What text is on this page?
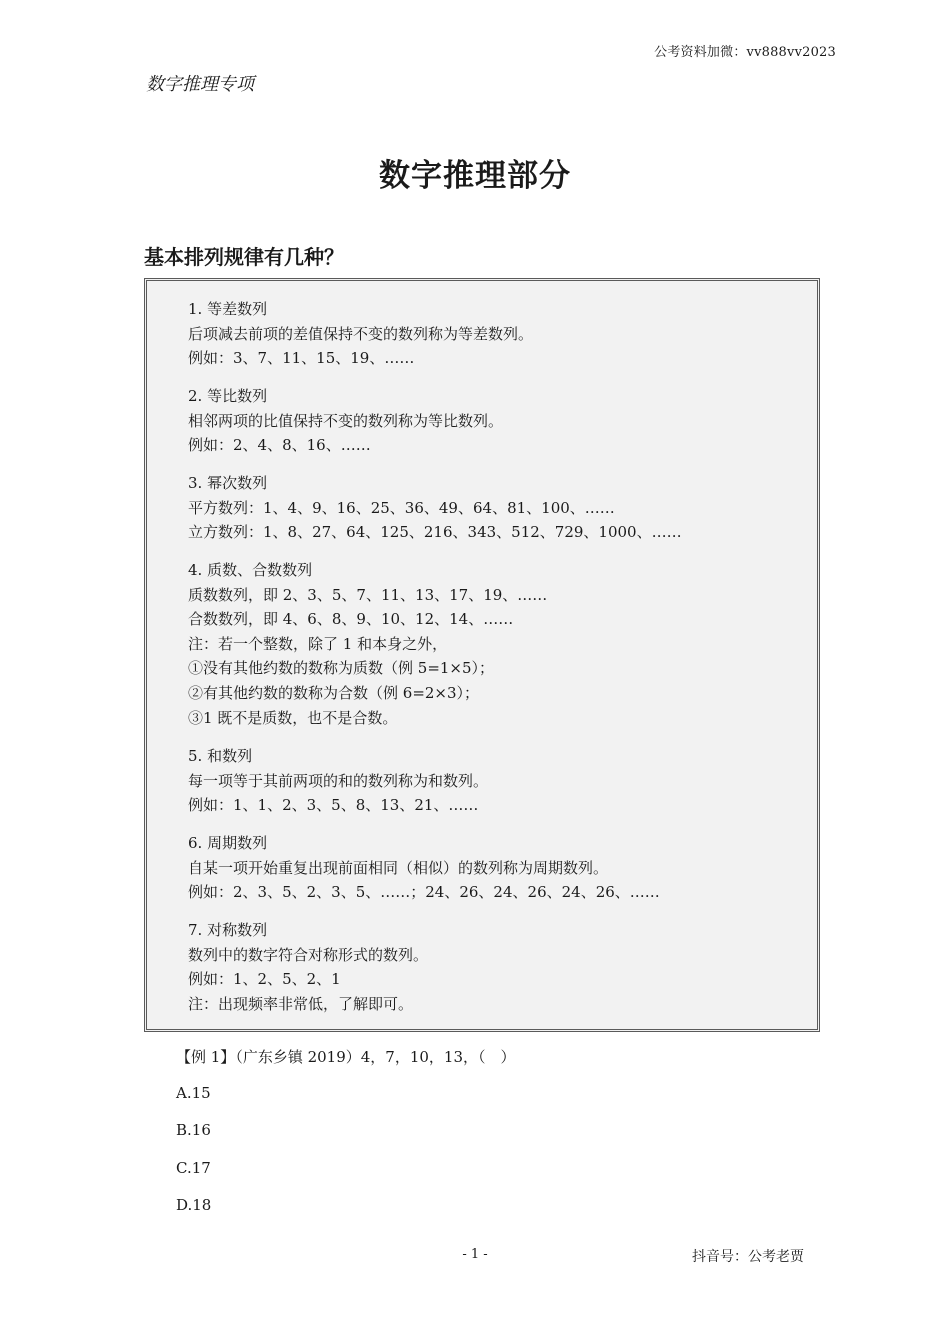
公考资料加微：vv888vv2023
数字推理专项
数字推理部分
基本排列规律有几种？
1. 等差数列
后项减去前项的差值保持不变的数列称为等差数列。
例如：3、7、11、15、19、……
2. 等比数列
相邻两项的比值保持不变的数列称为等比数列。
例如：2、4、8、16、……
3. 幂次数列
平方数列：1、4、9、16、25、36、49、64、81、100、……
立方数列：1、8、27、64、125、216、343、512、729、1000、……
4. 质数、合数数列
质数数列，即 2、3、5、7、11、13、17、19、……
合数数列，即 4、6、8、9、10、12、14、……
注：若一个整数，除了 1 和本身之外，
①没有其他约数的数称为质数（例 5=1×5）；
②有其他约数的数称为合数（例 6=2×3）；
③1 既不是质数，也不是合数。
5. 和数列
每一项等于其前两项的和的数列称为和数列。
例如：1、1、2、3、5、8、13、21、……
6. 周期数列
自某一项开始重复出现前面相同（相似）的数列称为周期数列。
例如：2、3、5、2、3、5、……；24、26、24、26、24、26、……
7. 对称数列
数列中的数字符合对称形式的数列。
例如：1、2、5、2、1
注：出现频率非常低，了解即可。
【例 1】（广东乡镇 2019）4，7，10，13，（　）
A.15
B.16
C.17
D.18
- 1 -	抖音号：公考老贾
